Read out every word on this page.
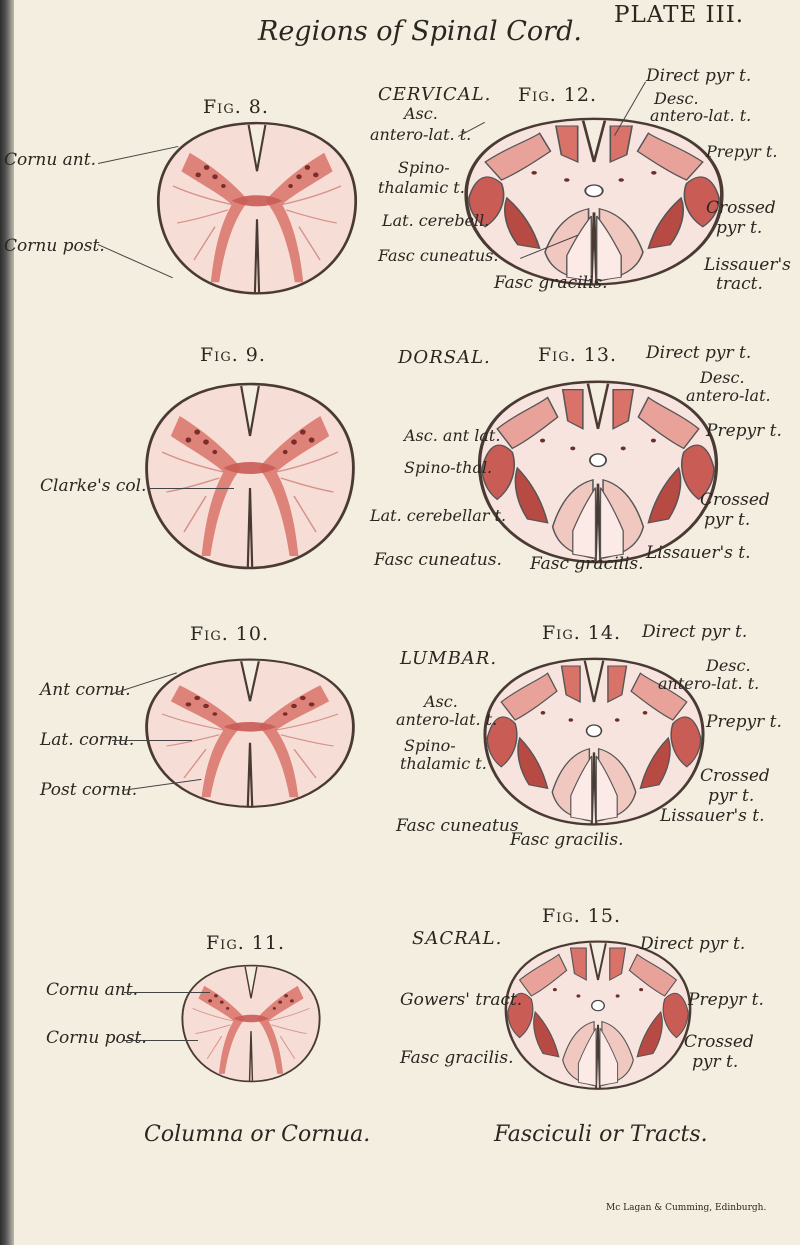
Regions of Spinal Cord.
PLATE III.
Fig. 8.
Cornu ant.
Cornu post.
CERVICAL. Fig. 12.
Asc.
antero-lat. t.
Spino-
thalamic t.
Lat. cerebell.
Fasc cuneatus.
Fasc gracilis.
Direct pyr t.
Desc.
antero-lat. t.
Prepyr t.
Crossed
pyr t.
Lissauer's
tract.
Fig. 9.
Clarke's col.
DORSAL. Fig. 13.
Asc. ant lat.
Spino-thal.
Lat. cerebellar t.
Fasc cuneatus. Fasc gracilis.
Direct pyr t.
Desc.
antero-lat.
Prepyr t.
Crossed
pyr t.
Lissauer's t.
Fig. 10.
Ant cornu.
Lat. cornu.
Post cornu.
Fig. 14.
LUMBAR.
Asc.
antero-lat. t.
Spino-
thalamic t.
Fasc cuneatus
Fasc gracilis.
Direct pyr t.
Desc.
antero-lat. t.
Prepyr t.
Crossed
pyr t.
Lissauer's t.
Fig. 11.
Cornu ant.
Cornu post.
Fig. 15.
SACRAL.
Gowers' tract.
Fasc gracilis.
Direct pyr t.
Prepyr t.
Crossed
pyr t.
Columna or Cornua.	Fasciculi or Tracts.
Mc Lagan & Cumming, Edinburgh.
